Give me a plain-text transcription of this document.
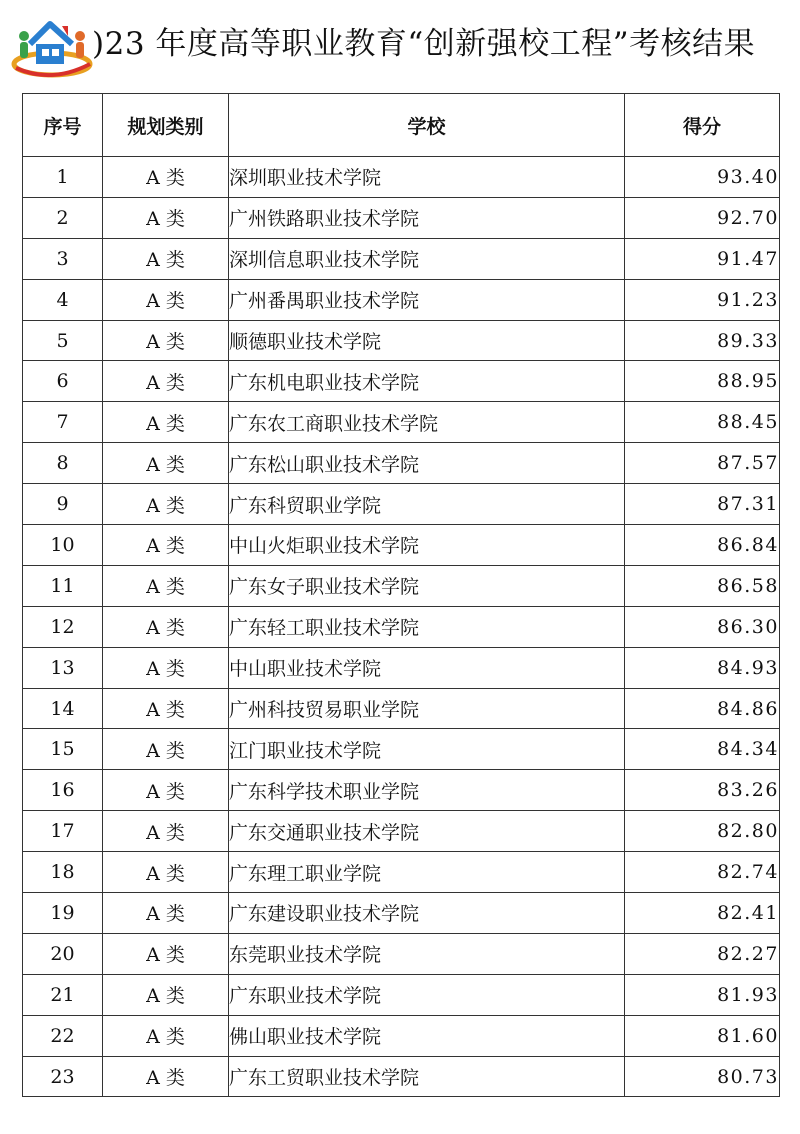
)23 年度高等职业教育“创新强校工程”考核结果
序号	规划类别	学校	得分
1	A 类	深圳职业技术学院	93.40
2	A 类	广州铁路职业技术学院	92.70
3	A 类	深圳信息职业技术学院	91.47
4	A 类	广州番禺职业技术学院	91.23
5	A 类	顺德职业技术学院	89.33
6	A 类	广东机电职业技术学院	88.95
7	A 类	广东农工商职业技术学院	88.45
8	A 类	广东松山职业技术学院	87.57
9	A 类	广东科贸职业学院	87.31
10	A 类	中山火炬职业技术学院	86.84
11	A 类	广东女子职业技术学院	86.58
12	A 类	广东轻工职业技术学院	86.30
13	A 类	中山职业技术学院	84.93
14	A 类	广州科技贸易职业学院	84.86
15	A 类	江门职业技术学院	84.34
16	A 类	广东科学技术职业学院	83.26
17	A 类	广东交通职业技术学院	82.80
18	A 类	广东理工职业学院	82.74
19	A 类	广东建设职业技术学院	82.41
20	A 类	东莞职业技术学院	82.27
21	A 类	广东职业技术学院	81.93
22	A 类	佛山职业技术学院	81.60
23	A 类	广东工贸职业技术学院	80.73
